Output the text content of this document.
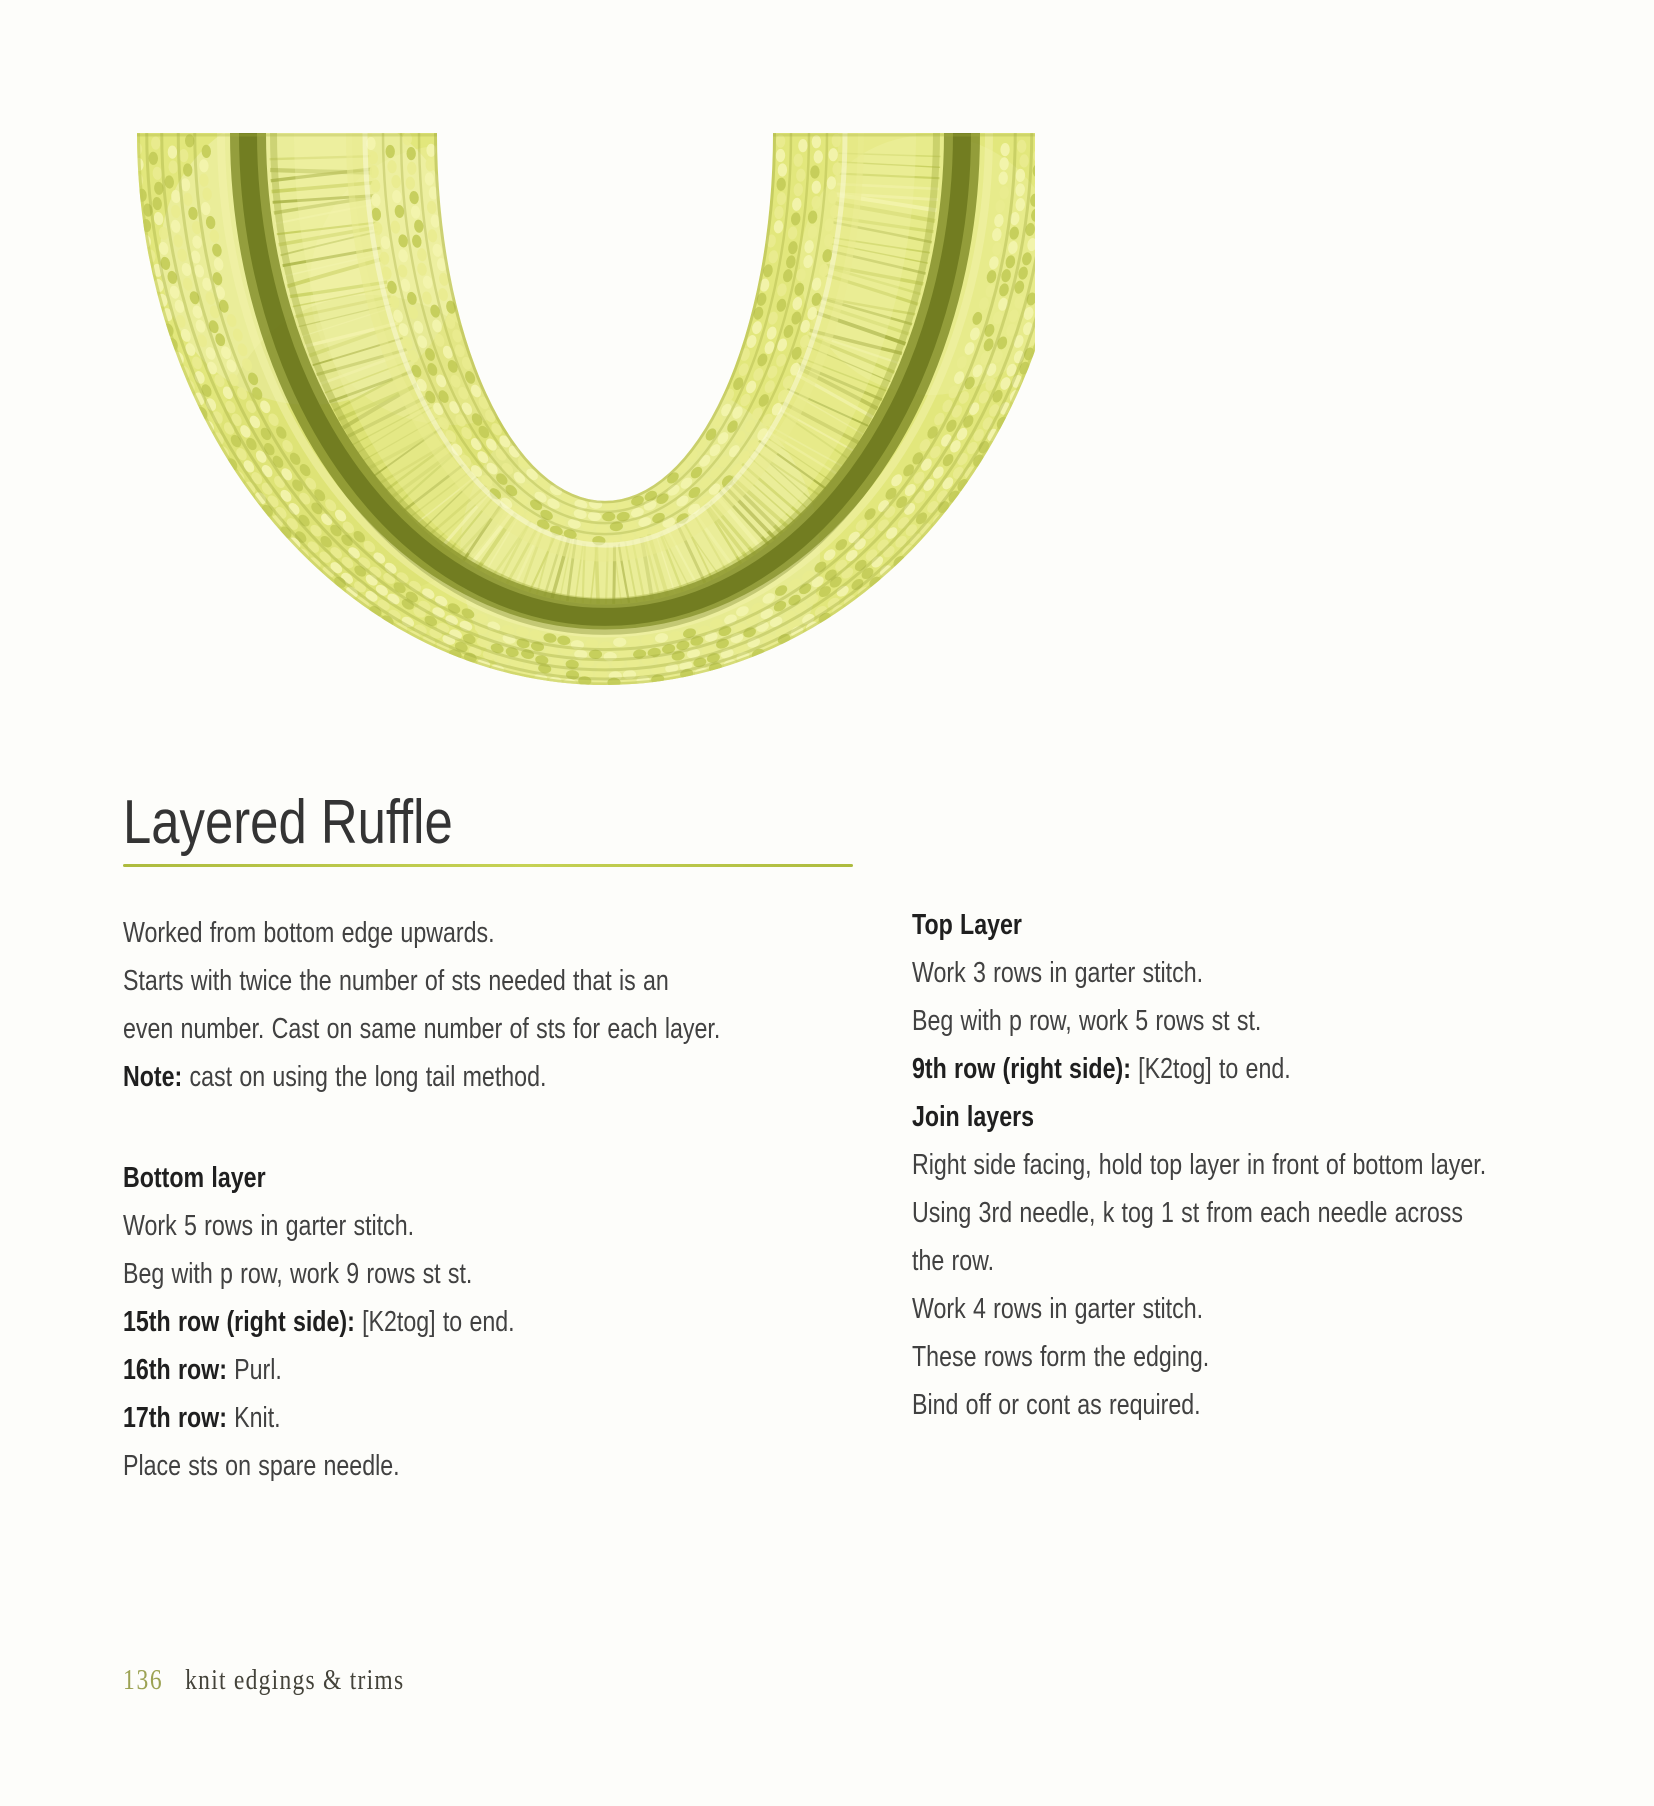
Layered Ruffle

Worked from bottom edge upwards.

Starts with twice the number of sts needed that is an

even number. Cast on same number of sts for each layer.

Note: cast on using the long tail method.

Bottom layer

Work 5 rows in garter stitch.

Beg with p row, work 9 rows st st.

15th row (right side): [K2tog] to end.

16th row: Purl.

17th row: Knit.

Place sts on spare needle.

Top Layer

Work 3 rows in garter stitch.

Beg with p row, work 5 rows st st.

9th row (right side): [K2tog] to end.

Join layers

Right side facing, hold top layer in front of bottom layer.

Using 3rd needle, k tog 1 st from each needle across

the row.

Work 4 rows in garter stitch.

These rows form the edging.

Bind off or cont as required.

136 knit edgings & trims
